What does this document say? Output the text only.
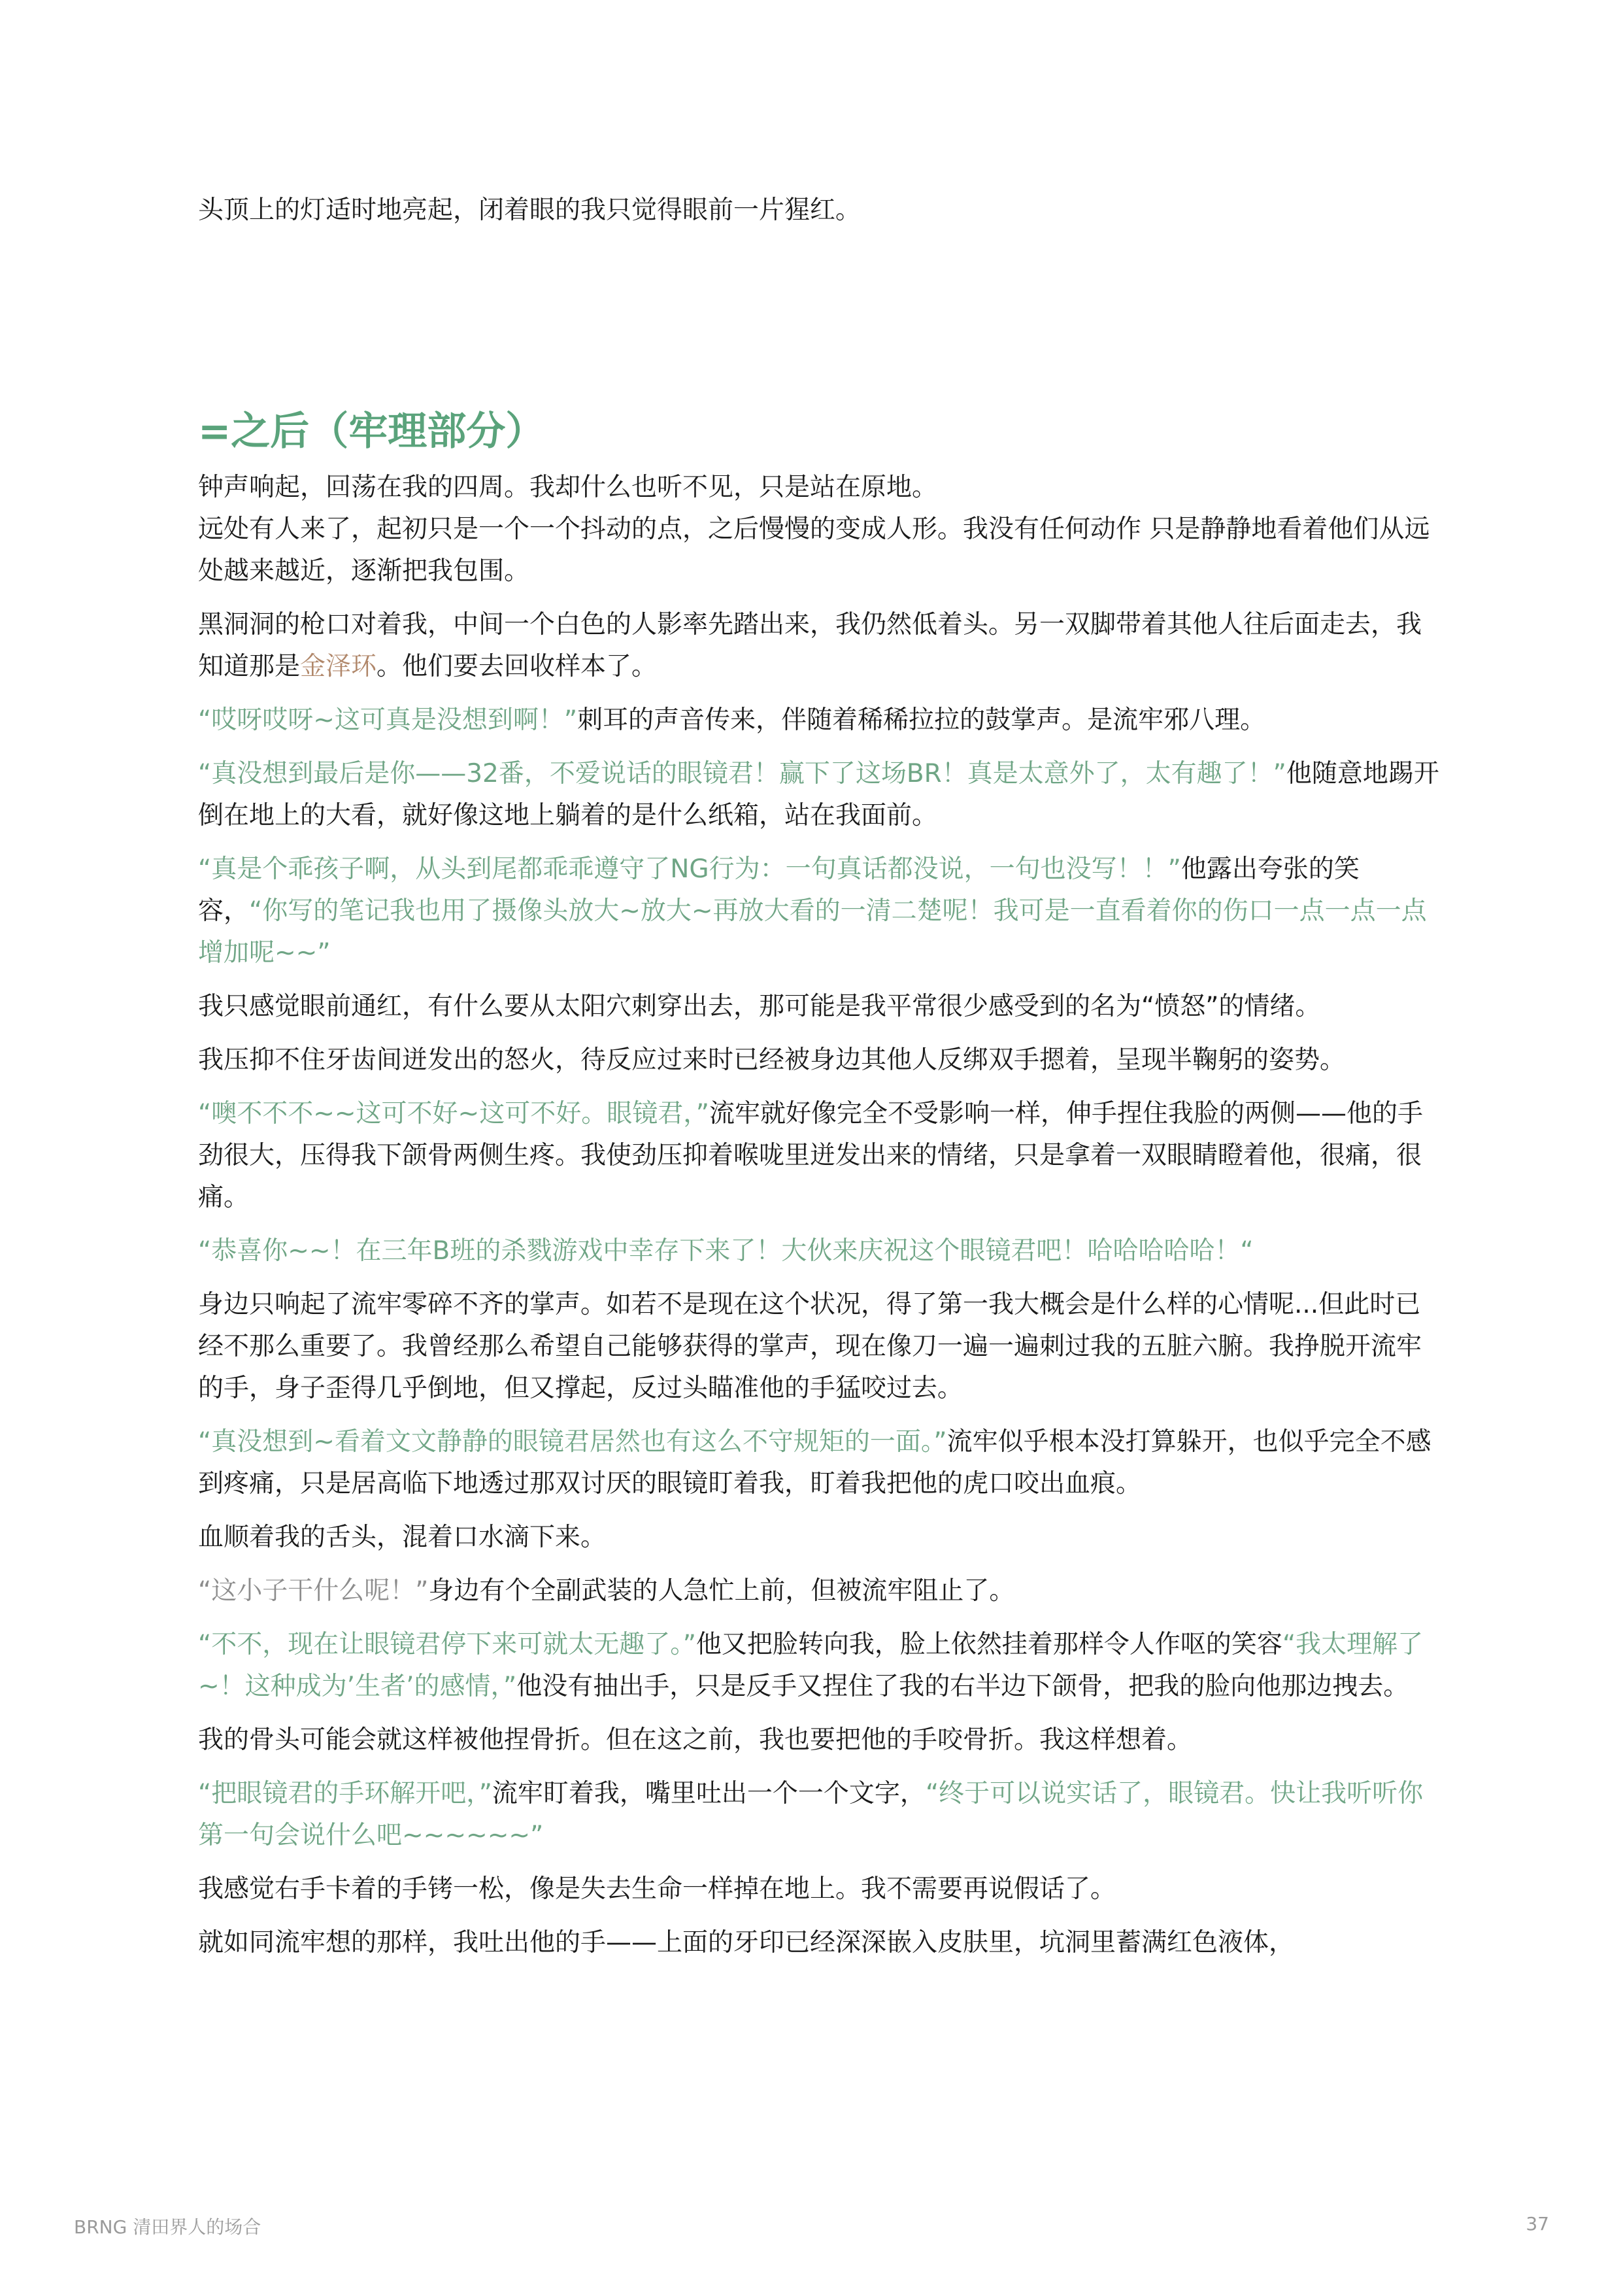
头顶上的灯适时地亮起，闭着眼的我只觉得眼前一片猩红。

=之后（牢理部分）

钟声响起，回荡在我的四周。我却什么也听不见，只是站在原地。

远处有人来了，起初只是一个一个抖动的点，之后慢慢的变成人形。我没有任何动作 只是静静地看着他们从远处越来越近，逐渐把我包围。

黑洞洞的枪口对着我，中间一个白色的人影率先踏出来，我仍然低着头。另一双脚带着其他人往后面走去，我知道那是金泽环。他们要去回收样本了。

“哎呀哎呀~这可真是没想到啊！”刺耳的声音传来，伴随着稀稀拉拉的鼓掌声。是流牢邪八理。

“真没想到最后是你——32番，不爱说话的眼镜君！赢下了这场BR！真是太意外了，太有趣了！”他随意地踢开倒在地上的大看，就好像这地上躺着的是什么纸箱，站在我面前。

“真是个乖孩子啊，从头到尾都乖乖遵守了NG行为：一句真话都没说，一句也没写！！”他露出夸张的笑容，“你写的笔记我也用了摄像头放大~放大~再放大看的一清二楚呢！我可是一直看着你的伤口一点一点一点增加呢~~”

我只感觉眼前通红，有什么要从太阳穴刺穿出去，那可能是我平常很少感受到的名为“愤怒”的情绪。

我压抑不住牙齿间迸发出的怒火，待反应过来时已经被身边其他人反绑双手摁着，呈现半鞠躬的姿势。

“噢不不不~~这可不好~这可不好。眼镜君，”流牢就好像完全不受影响一样，伸手捏住我脸的两侧——他的手劲很大，压得我下颌骨两侧生疼。我使劲压抑着喉咙里迸发出来的情绪，只是拿着一双眼睛瞪着他，很痛，很痛。

“恭喜你~~！在三年B班的杀戮游戏中幸存下来了！大伙来庆祝这个眼镜君吧！哈哈哈哈哈！“

身边只响起了流牢零碎不齐的掌声。如若不是现在这个状况，得了第一我大概会是什么样的心情呢...但此时已经不那么重要了。我曾经那么希望自己能够获得的掌声，现在像刀一遍一遍刺过我的五脏六腑。我挣脱开流牢的手，身子歪得几乎倒地，但又撑起，反过头瞄准他的手猛咬过去。

“真没想到~看着文文静静的眼镜君居然也有这么不守规矩的一面。”流牢似乎根本没打算躲开，也似乎完全不感到疼痛，只是居高临下地透过那双讨厌的眼镜盯着我，盯着我把他的虎口咬出血痕。

血顺着我的舌头，混着口水滴下来。

“这小子干什么呢！”身边有个全副武装的人急忙上前，但被流牢阻止了。

“不不，现在让眼镜君停下来可就太无趣了。”他又把脸转向我，脸上依然挂着那样令人作呕的笑容“我太理解了~！这种成为’生者’的感情，”他没有抽出手，只是反手又捏住了我的右半边下颌骨，把我的脸向他那边拽去。

我的骨头可能会就这样被他捏骨折。但在这之前，我也要把他的手咬骨折。我这样想着。

“把眼镜君的手环解开吧，”流牢盯着我，嘴里吐出一个一个文字，“终于可以说实话了，眼镜君。快让我听听你第一句会说什么吧~~~~~~”

我感觉右手卡着的手铐一松，像是失去生命一样掉在地上。我不需要再说假话了。

就如同流牢想的那样，我吐出他的手——上面的牙印已经深深嵌入皮肤里，坑洞里蓄满红色液体，

BRNG 清田界人的场合	37
